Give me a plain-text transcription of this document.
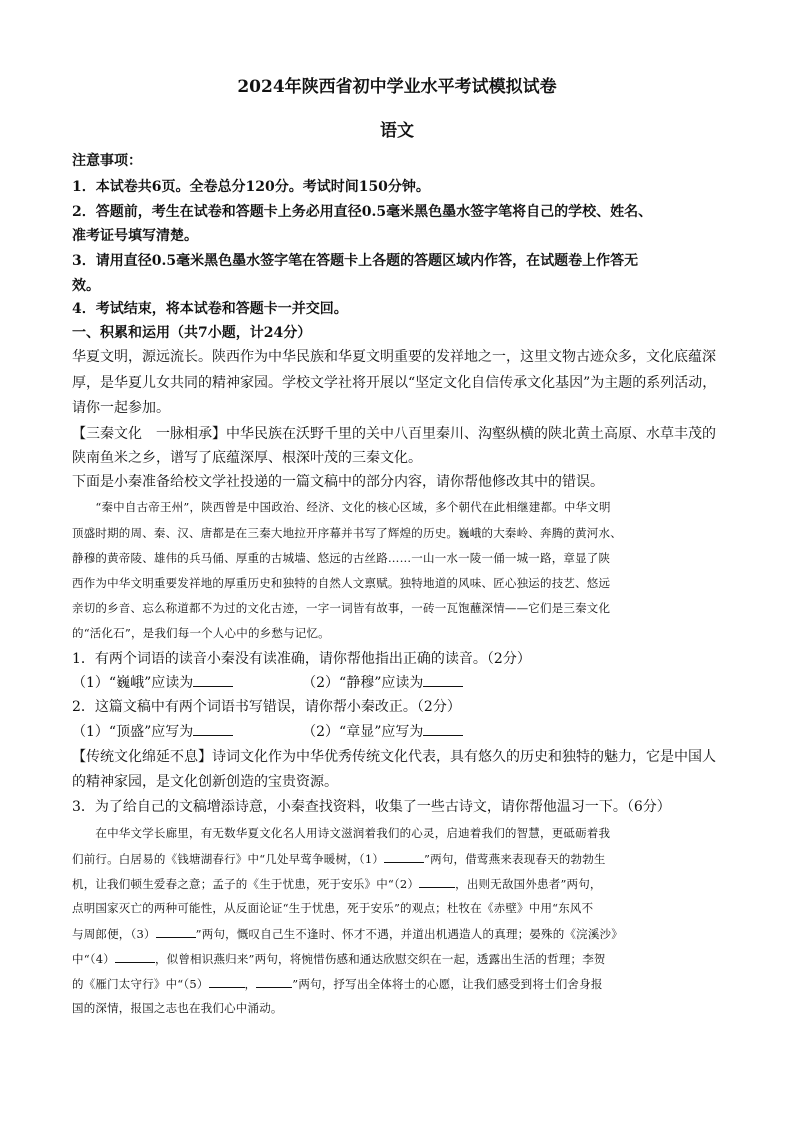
2024年陕西省初中学业水平考试模拟试卷
语文
注意事项：
1．本试卷共6页。全卷总分120分。考试时间150分钟。
2．答题前，考生在试卷和答题卡上务必用直径0.5毫米黑色墨水签字笔将自己的学校、姓名、
准考证号填写清楚。
3．请用直径0.5毫米黑色墨水签字笔在答题卡上各题的答题区域内作答，在试题卷上作答无
效。
4．考试结束，将本试卷和答题卡一并交回。
一、积累和运用（共7小题，计24分）
华夏文明，源远流长。陕西作为中华民族和华夏文明重要的发祥地之一，这里文物古迹众多，文化底蕴深
厚，是华夏儿女共同的精神家园。学校文学社将开展以“坚定文化自信传承文化基因”为主题的系列活动，
请你一起参加。
【三秦文化　一脉相承】中华民族在沃野千里的关中八百里秦川、沟壑纵横的陕北黄土高原、水草丰茂的
陕南鱼米之乡，谱写了底蕴深厚、根深叶茂的三秦文化。
下面是小秦准备给校文学社投递的一篇文稿中的部分内容，请你帮他修改其中的错误。
　　“秦中自古帝王州”，陕西曾是中国政治、经济、文化的核心区域，多个朝代在此相继建都。中华文明
顶盛时期的周、秦、汉、唐都是在三秦大地拉开序幕并书写了辉煌的历史。巍峨的大秦岭、奔腾的黄河水、
静穆的黄帝陵、雄伟的兵马俑、厚重的古城墙、悠远的古丝路……一山一水一陵一俑一城一路，章显了陕
西作为中华文明重要发祥地的厚重历史和独特的自然人文禀赋。独特地道的风味、匠心独运的技艺、悠远
亲切的乡音、忘么称道都不为过的文化古迹，一字一词皆有故事，一砖一瓦饱蘸深情——它们是三秦文化
的“活化石”，是我们每一个人心中的乡愁与记忆。
1．有两个词语的读音小秦没有读准确，请你帮他指出正确的读音。（2分）
（1）“巍峨”应读为	（2）“静穆”应读为
2．这篇文稿中有两个词语书写错误，请你帮小秦改正。（2分）
（1）“顶盛”应写为	（2）“章显”应写为
【传统文化绵延不息】诗词文化作为中华优秀传统文化代表，具有悠久的历史和独特的魅力，它是中国人
的精神家园，是文化创新创造的宝贵资源。
3．为了给自己的文稿增添诗意，小秦查找资料，收集了一些古诗文，请你帮他温习一下。（6分）
　　在中华文学长廊里，有无数华夏文化名人用诗文滋润着我们的心灵，启迪着我们的智慧，更砥砺着我
们前行。白居易的《钱塘湖春行》中“几处早莺争暖树，（1）	”两句，借莺燕来表现春天的勃勃生
机，让我们顿生爱春之意；孟子的《生于忧患，死于安乐》中“（2）	，出则无敌国外患者”两句，
点明国家灭亡的两种可能性，从反面论证“生于忧患，死于安乐”的观点；杜牧在《赤壁》中用“东风不
与周郎便，（3）	”两句，慨叹自己生不逢时、怀才不遇，并道出机遇造人的真理；晏殊的《浣溪沙》
中“（4）	，似曾相识燕归来”两句，将惋惜伤感和通达欣慰交织在一起，透露出生活的哲理；李贺
的《雁门太守行》中“（5）	，	”两句，抒写出全体将士的心愿，让我们感受到将士们舍身报
国的深情，报国之志也在我们心中涌动。
